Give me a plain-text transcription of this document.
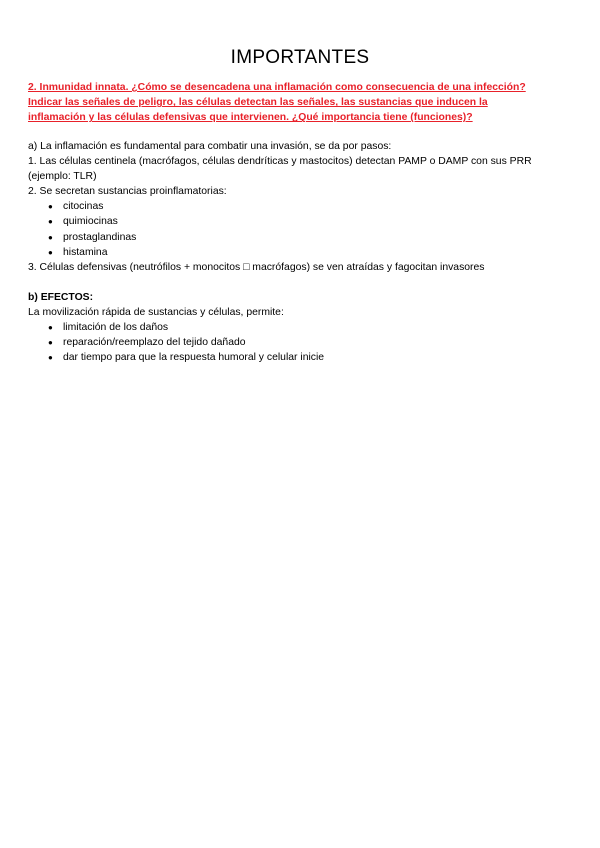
IMPORTANTES
2. Inmunidad innata. ¿Cómo se desencadena una inflamación como consecuencia de una infección?
Indicar las señales de peligro, las células detectan las señales, las sustancias que inducen la
inflamación y las células defensivas que intervienen. ¿Qué importancia tiene (funciones)?
a) La inflamación es fundamental para combatir una invasión, se da por pasos:
1. Las células centinela (macrófagos, células dendríticas y mastocitos) detectan PAMP o DAMP con sus PRR
(ejemplo: TLR)
2. Se secretan sustancias proinflamatorias:
● citocinas
● quimiocinas
● prostaglandinas
● histamina
3. Células defensivas (neutrófilos + monocitos □ macrófagos) se ven atraídas y fagocitan invasores
b) EFECTOS:
La movilización rápida de sustancias y células, permite:
● limitación de los daños
● reparación/reemplazo del tejido dañado
● dar tiempo para que la respuesta humoral y celular inicie
